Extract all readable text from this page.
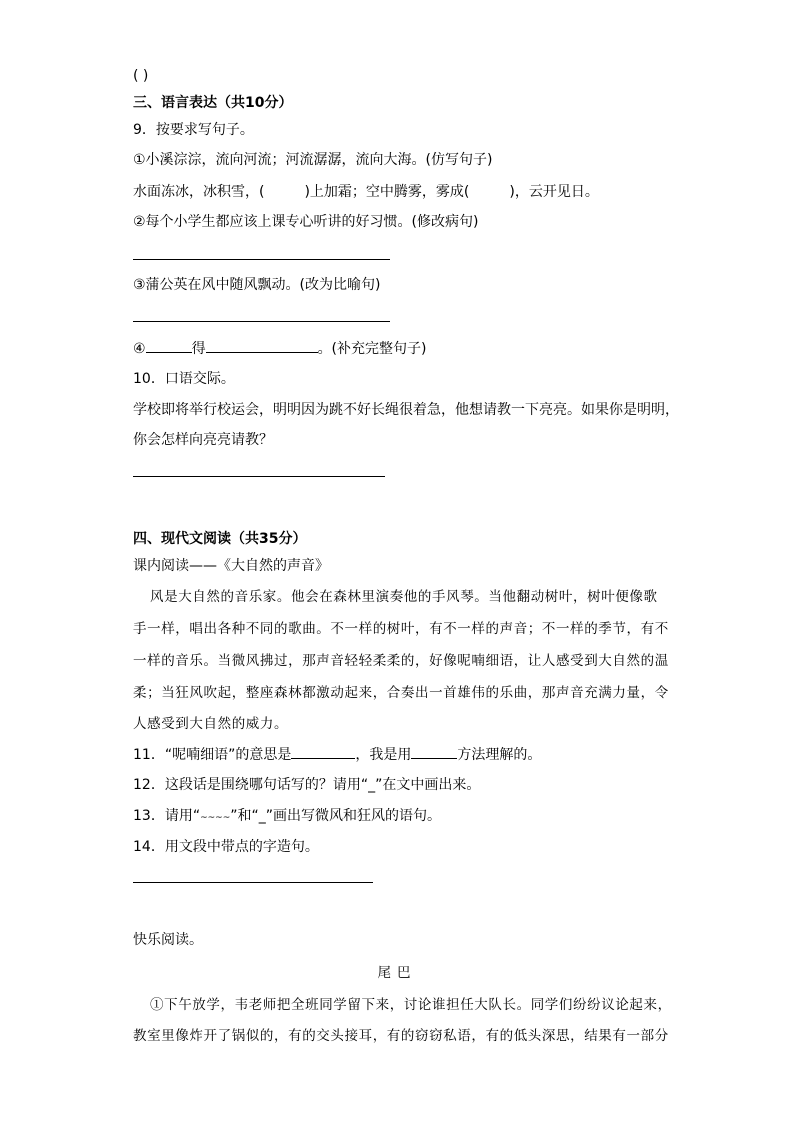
( )
三、语言表达（共10分）
9．按要求写句子。
①小溪淙淙，流向河流；河流潺潺，流向大海。(仿写句子)
水面冻冰，冰积雪，(	)上加霜；空中腾雾，雾成(	)，云开见日。
②每个小学生都应该上课专心听讲的好习惯。(修改病句)
③蒲公英在风中随风飘动。(改为比喻句)
④	得	。(补充完整句子)
10．口语交际。
学校即将举行校运会，明明因为跳不好长绳很着急，他想请教一下亮亮。如果你是明明，
你会怎样向亮亮请教？
四、现代文阅读（共35分）
课内阅读——《大自然的声音》
风是大自然的音乐家。他会在森林里演奏他的手风琴。当他翻动树叶，树叶便像歌
手一样，唱出各种不同的歌曲。不一样的树叶，有不一样的声音；不一样的季节，有不
一样的音乐。当微风拂过，那声音轻轻柔柔的，好像呢喃细语，让人感受到大自然的温
柔；当狂风吹起，整座森林都激动起来，合奏出一首雄伟的乐曲，那声音充满力量，令
人感受到大自然的威力。
11．“呢喃细语”的意思是	，我是用	方法理解的。
12．这段话是围绕哪句话写的？请用“_”在文中画出来。
13．请用“~~~~”和“_”画出写微风和狂风的语句。
14．用文段中带点的字造句。
快乐阅读。
尾巴
①下午放学，韦老师把全班同学留下来，讨论谁担任大队长。同学们纷纷议论起来，
教室里像炸开了锅似的，有的交头接耳，有的窃窃私语，有的低头深思，结果有一部分
